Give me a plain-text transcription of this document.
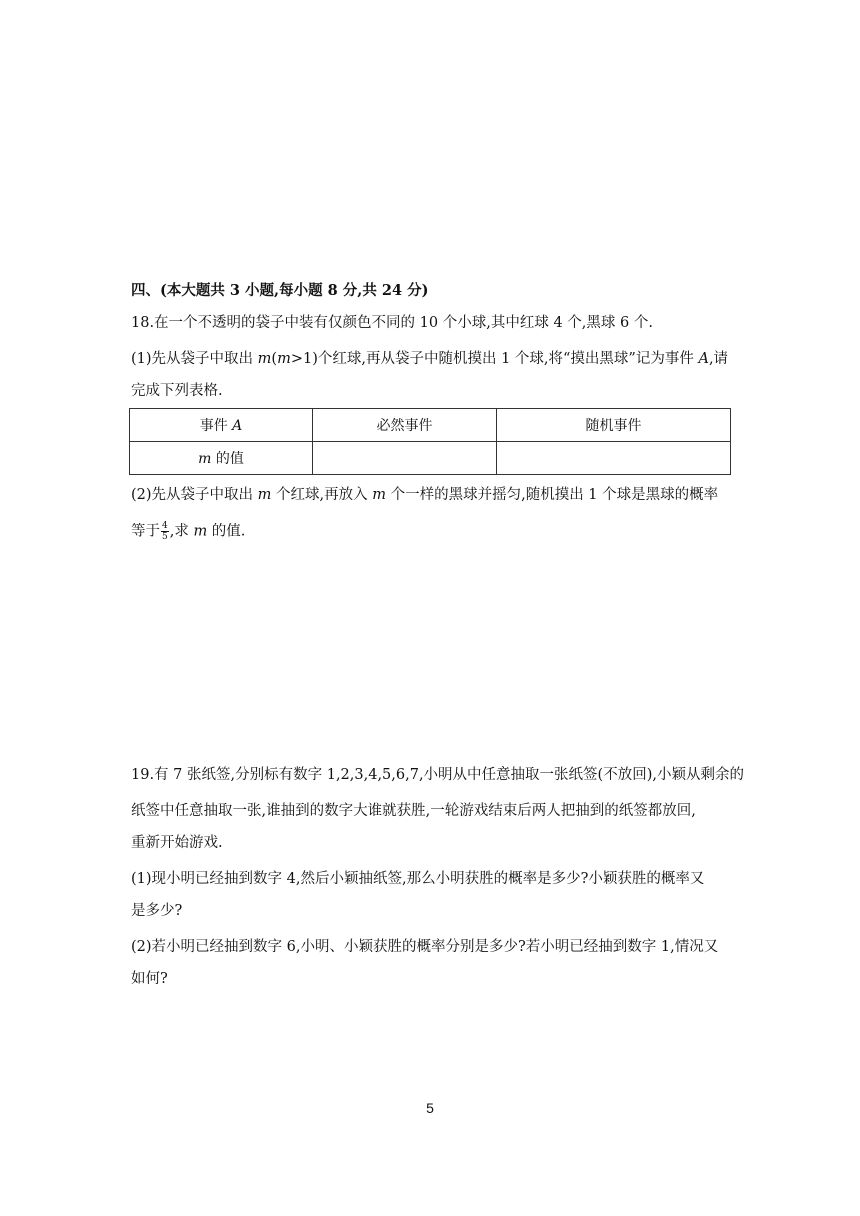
四、(本大题共 3 小题,每小题 8 分,共 24 分)
18.在一个不透明的袋子中装有仅颜色不同的 10 个小球,其中红球 4 个,黑球 6 个.
(1)先从袋子中取出 m(m>1)个红球,再从袋子中随机摸出 1 个球,将“摸出黑球”记为事件 A,请
完成下列表格.
事件 A	必然事件	随机事件
m 的值		
(2)先从袋子中取出 m 个红球,再放入 m 个一样的黑球并摇匀,随机摸出 1 个球是黑球的概率
等于 $\frac{4}{5}$ ,求 m 的值.
19.有 7 张纸签,分别标有数字 1,2,3,4,5,6,7,小明从中任意抽取一张纸签(不放回),小颖从剩余的
纸签中任意抽取一张,谁抽到的数字大谁就获胜,一轮游戏结束后两人把抽到的纸签都放回,
重新开始游戏.
(1)现小明已经抽到数字 4,然后小颖抽纸签,那么小明获胜的概率是多少?小颖获胜的概率又
是多少?
(2)若小明已经抽到数字 6,小明、小颖获胜的概率分别是多少?若小明已经抽到数字 1,情况又
如何?
5
